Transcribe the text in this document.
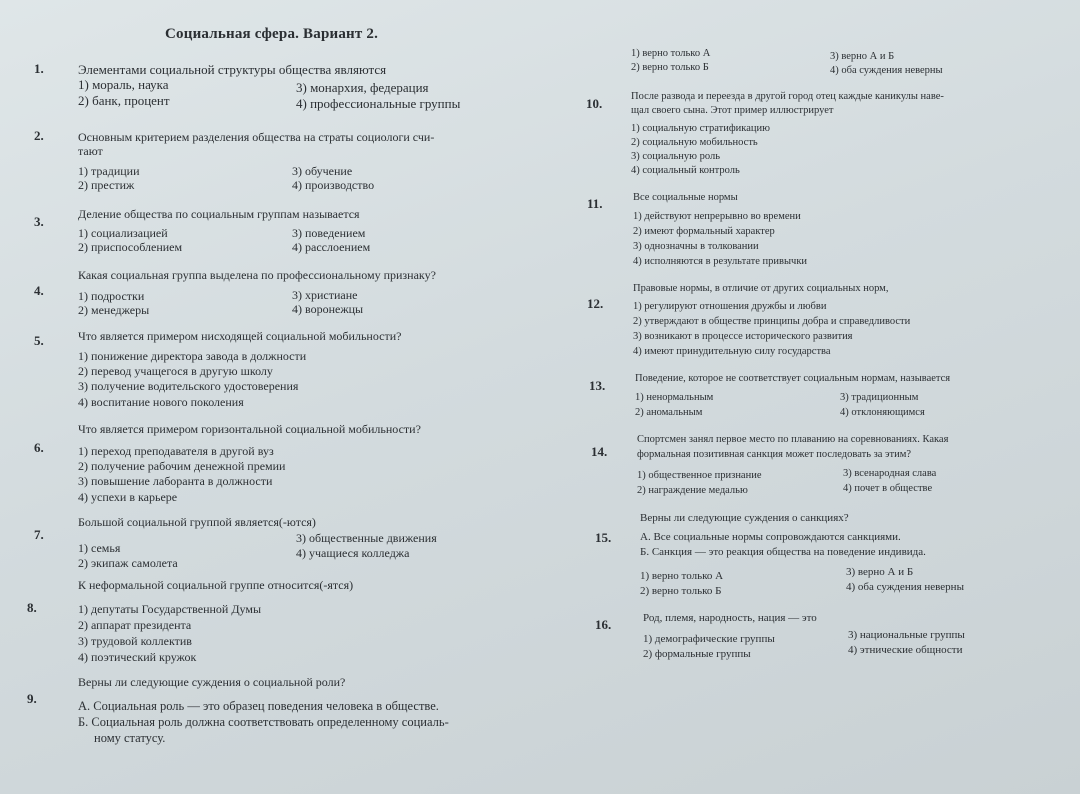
Социальная сфера. Вариант 2.
1.	Элементами социальной структуры общества являются
1) мораль, наука
2) банк, процент
3) монархия, федерация
4) профессиональные группы
2.	Основным критерием разделения общества на страты социологи счи-
тают
1) традиции
2) престиж
3) обучение
4) производство
3.	Деление общества по социальным группам называется
1) социализацией
2) приспособлением
3) поведением
4) расслоением
4.
Какая социальная группа выделена по профессиональному признаку?
1) подростки
2) менеджеры
3) христиане
4) воронежцы
5.	Что является примером нисходящей социальной мобильности?
1) понижение директора завода в должности
2) перевод учащегося в другую школу
3) получение водительского удостоверения
4) воспитание нового поколения
6.
Что является примером горизонтальной социальной мобильности?
1) переход преподавателя в другой вуз
2) получение рабочим денежной премии
3) повышение лаборанта в должности
4) успехи в карьере
7.
Большой социальной группой является(-ются)
1) семья
2) экипаж самолета
3) общественные движения
4) учащиеся колледжа
8.
К неформальной социальной группе относится(-ятся)
1) депутаты Государственной Думы
2) аппарат президента
3) трудовой коллектив
4) поэтический кружок
9.
Верны ли следующие суждения о социальной роли?
А. Социальная роль — это образец поведения человека в обществе.
Б. Социальная роль должна соответствовать определенному социаль-
ному статусу.
1) верно только А
2) верно только Б
3) верно А и Б
4) оба суждения неверны
10.	После развода и переезда в другой город отец каждые каникулы наве-
щал своего сына. Этот пример иллюстрирует
1) социальную стратификацию
2) социальную мобильность
3) социальную роль
4) социальный контроль
11.	Все социальные нормы
1) действуют непрерывно во времени
2) имеют формальный характер
3) однозначны в толковании
4) исполняются в результате привычки
12.
Правовые нормы, в отличие от других социальных норм,
1) регулируют отношения дружбы и любви
2) утверждают в обществе принципы добра и справедливости
3) возникают в процессе исторического развития
4) имеют принудительную силу государства
13.	Поведение, которое не соответствует социальным нормам, называется
1) ненормальным
2) аномальным
3) традиционным
4) отклоняющимся
14.
Спортсмен занял первое место по плаванию на соревнованиях. Какая
формальная позитивная санкция может последовать за этим?
1) общественное признание
2) награждение медалью
3) всенародная слава
4) почет в обществе
15.
Верны ли следующие суждения о санкциях?
А. Все социальные нормы сопровождаются санкциями.
Б. Санкция — это реакция общества на поведение индивида.
1) верно только А
2) верно только Б
3) верно А и Б
4) оба суждения неверны
16.	Род, племя, народность, нация — это
1) демографические группы
2) формальные группы
3) национальные группы
4) этнические общности
